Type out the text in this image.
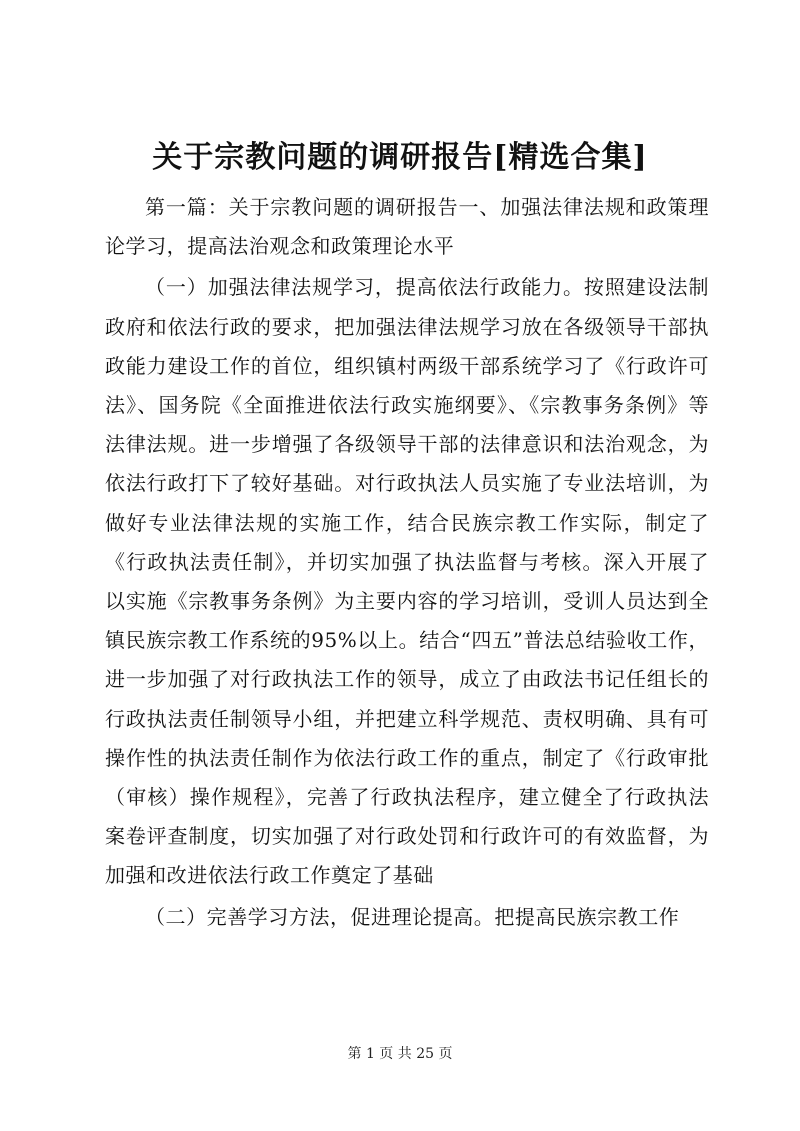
关于宗教问题的调研报告[精选合集]

第一篇：关于宗教问题的调研报告一、加强法律法规和政策理论学习，提高法治观念和政策理论水平

（一）加强法律法规学习，提高依法行政能力。按照建设法制政府和依法行政的要求，把加强法律法规学习放在各级领导干部执政能力建设工作的首位，组织镇村两级干部系统学习了《行政许可法》、国务院《全面推进依法行政实施纲要》、《宗教事务条例》等法律法规。进一步增强了各级领导干部的法律意识和法治观念，为依法行政打下了较好基础。对行政执法人员实施了专业法培训，为做好专业法律法规的实施工作，结合民族宗教工作实际，制定了《行政执法责任制》，并切实加强了执法监督与考核。深入开展了以实施《宗教事务条例》为主要内容的学习培训，受训人员达到全镇民族宗教工作系统的95%以上。结合“四五”普法总结验收工作，进一步加强了对行政执法工作的领导，成立了由政法书记任组长的行政执法责任制领导小组，并把建立科学规范、责权明确、具有可操作性的执法责任制作为依法行政工作的重点，制定了《行政审批（审核）操作规程》，完善了行政执法程序，建立健全了行政执法案卷评查制度，切实加强了对行政处罚和行政许可的有效监督，为加强和改进依法行政工作奠定了基础

（二）完善学习方法，促进理论提高。把提高民族宗教工作

第 1 页 共 25 页
